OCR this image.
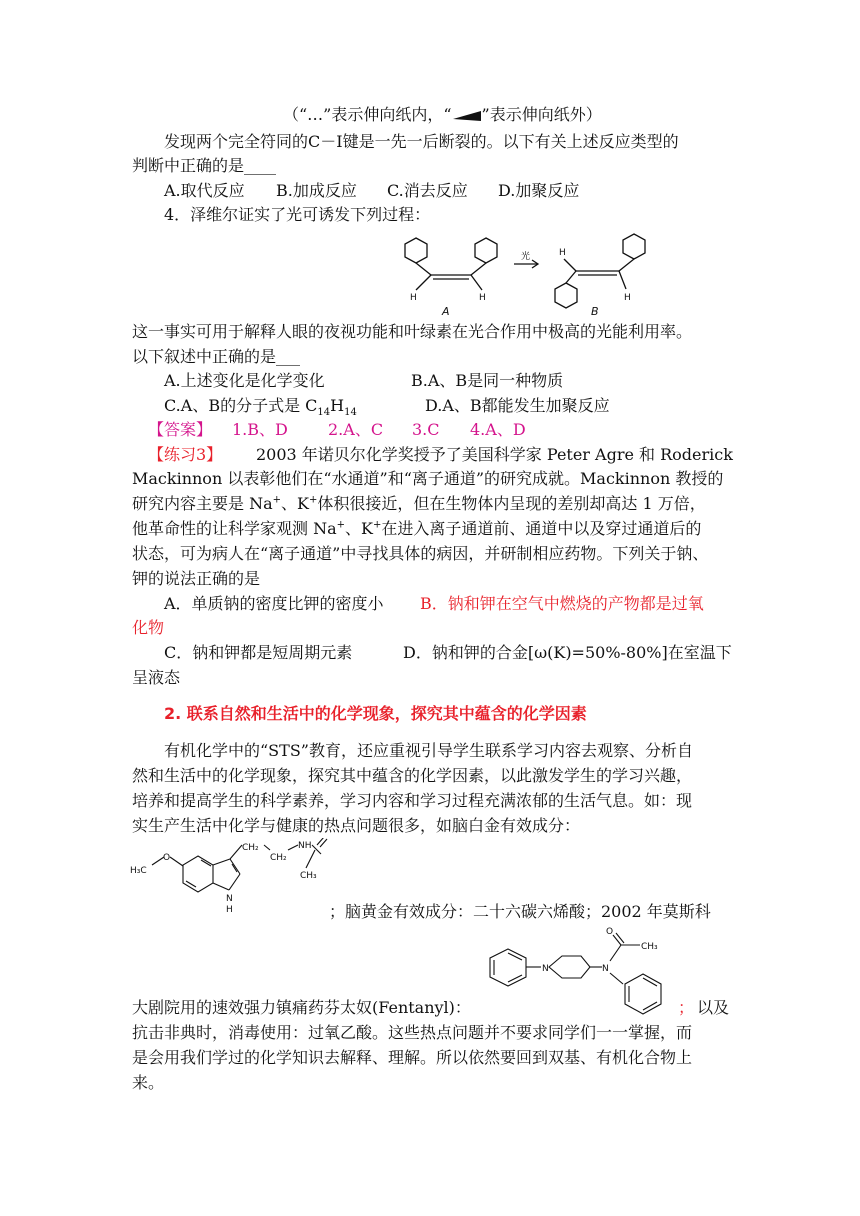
（“…”表示伸向纸内，“ ”表示伸向纸外）
发现两个完全符同的C－I键是一先一后断裂的。以下有关上述反应类型的
判断中正确的是____
A.取代反应 B.加成反应 C.消去反应 D.加聚反应
4．泽维尔证实了光可诱发下列过程：
H	H
光	H
H
A	B
这一事实可用于解释人眼的夜视功能和叶绿素在光合作用中极高的光能利用率。
以下叙述中正确的是___
A.上述变化是化学变化	B.A、B是同一种物质
C.A、B的分子式是 $C_{14}H_{14}$	D.A、B都能发生加聚反应
【答案】 1.B、D	2.A、C 3.C 4.A、D
【练习3】 2003 年诺贝尔化学奖授予了美国科学家 Peter Agre 和 Roderick
Mackinnon 以表彰他们在“水通道”和“离子通道”的研究成就。Mackinnon 教授的
研究内容主要是 Na+、K+体积很接近，但在生物体内呈现的差别却高达 1 万倍，
他革命性的让科学家观测 Na+、K+在进入离子通道前、通道中以及穿过通道后的
状态，可为病人在“离子通道”中寻找具体的病因，并研制相应药物。下列关于钠、
钾的说法正确的是
A．单质钠的密度比钾的密度小 B．钠和钾在空气中燃烧的产物都是过氧
化物
C．钠和钾都是短周期元素	D．钠和钾的合金[ω(K)=50%-80%]在室温下
呈液态
2. 联系自然和生活中的化学现象，探究其中蕴含的化学因素
有机化学中的“STS”教育，还应重视引导学生联系学习内容去观察、分析自
然和生活中的化学现象，探究其中蕴含的化学因素，以此激发学生的学习兴趣，
培养和提高学生的科学素养，学习内容和学习过程充满浓郁的生活气息。如：现
实生产生活中化学与健康的热点问题很多，如脑白金有效成分：
H₃C
O
CH₂
CH₂
NH
CH₃
N
H	；脑黄金有效成分：二十六碳六烯酸；2002 年莫斯科
O
CH₃
N	N
大剧院用的速效强力镇痛药芬太奴(Fentanyl)：	； 以及
抗击非典时，消毒使用：过氧乙酸。这些热点问题并不要求同学们一一掌握，而
是会用我们学过的化学知识去解释、理解。所以依然要回到双基、有机化合物上
来。
